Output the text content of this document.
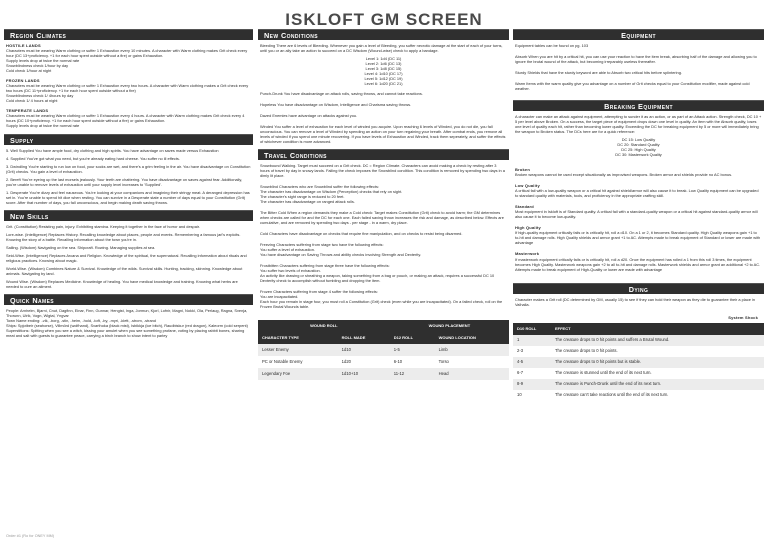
ISKLOFT GM SCREEN
Region Climates
HOSTILE LANDS
Characters must be wearing Warm clothing or suffer 1 Exhaustion every 10 minutes. A character with Warm clothing makes Grit check every hour (DC 13+proficiency. +1 for each hour spent outside without a fire) or gains Exhaustion.
Supply levels drop at twice the normal rate
Snowblindness check 1/hour by day
Cold check 1/hour at night
FROZEN LANDS
Characters must be wearing Warm clothing or suffer 1 Exhaustion every two hours. A character with Warm clothing makes a Grit check every two hours (DC 11+proficiency. +1 for each hour spent outside without a fire)
Snowblindness check 1/ 4hours by day
Cold check 1/ 4 hours at night
TEMPERATE LANDS
Characters must be wearing Warm clothing or suffer 1 Exhaustion every 4 hours. A character with Warm clothing makes Grit check every 4 hours (DC 10+proficiency. +1 for each hour spent outside without a fire) or gains Exhaustion.
Supply levels drop at twice the normal rate
Supply

5. Well Supplied You have ample food, dry clothing and high spirits. You have advantage on saves made versus Exhaustion

4. Supplied You've got what you need, but you're already eating hard cheese. You suffer no ill effects.

3. Dwindling You're starting to run low on food, your socks are wet, and there's a grim feeling in the air. You have disadvantage on Constitution (Grit) checks. You gain a level of exhaustion.

2. Bereft You're eyeing up the last morsels jealously. Your teeth are chattering. You have disadvantage on saves against fear. Additionally, you're unable to remove levels of exhaustion until your supply level increases to 'Supplied'.

1. Desperate You're dizzy and feel nauseous. You're looking at your companions and imagining their stringy meat. A deranged depression has set in. You're unable to spend hit dice when resting. You can survive in a Desperate state a number of days equal to your Constitution (Grit) score. After that number of days, you fall unconscious, and begin making death saving throws.

New Skills

Grit. (Constitution) Resisting pain, injury. Exhibiting stamina. Keeping it together in the face of horror and despair.

Lore-wise. (Intelligence) Replaces History. Recalling knowledge about places, people and events. Remembering a famous jarl's exploits. Knowing the story of a battle. Recalling information about the town you're in.

Sailing. (Wisdom) Navigating on the sea. Shipcraft. Rowing. Managing supplies at sea.

Seid-Wise. (Intelligence) Replaces Arcana and Religion. Knowledge of the spiritual, the supernatural. Recalling information about rituals and religious practices. Knowing about magic.

World-Wise. (Wisdom) Combines Nature & Survival. Knowledge of the wilds. Survival skills. Hunting, tracking, skinning. Knowledge about animals. Navigating by land.

Wound Wise. (Wisdom) Replaces Medicine. Knowledge of healing. You have medical knowledge and training. Knowing what herbs are needed to cure an ailment.

Quick Names
People: Arnhelm, Bjarni, Cnut, Dagfinn, Einar, Finn, Gunnar, Hengist, Inga, Jormun, Kjorl, Lofnir, Magni, Nokki, Ola, Perlaug, Ragna, Svenja, Thorunn, Ulrik, Vogn, Wigtal, Yngvar
Town Name ending: -vik, -borg, -stin, -heim, -hold, -toft, -by, -myri, -klett, -strom, -strand
Ships: Spjotbeir (seahorse), Villmörd (wolfhand), Svarthoka (black mist), Isbikkja (ice bitch), Raudbiskur (red dragon), Kaleorm (cold serpent)
Superstitions: Spitting when you see a witch, kissing your amulet when you see something profane, voting by placing rabbit bones, sharing meat and salt with guests to guarantee peace, carrying a birch branch to show intent to parley
New Conditions

Bleeding There are 6 levels of Bleeding. Whenever you gain a level of Bleeding, you suffer necrotic damage at the start of each of your turns, until you or an ally take an action to succeed on a DC Wisdom (Wound-wise) check to apply a bandage.

Level 1: 1d4 (DC 11)
Level 2: 1d6 (DC 13)
Level 3: 1d8 (DC 15)
Level 4: 1d10 (DC 17)
Level 5: 1d12 (DC 19)
Level 6: 1d20 (DC 21)

Punch-Drunk You have disadvantage on attack rolls, saving throws, and cannot take reactions.

Hopeless You have disadvantage on Wisdom, Intelligence and Charisma saving throws.

Dazed Enemies have advantage on attacks against you.

Winded You suffer a level of exhaustion for each level of winded you acquire. Upon reaching 6 levels of Winded, you do not die, you fall unconscious. You can remove a level of Winded by spending an action on your turn regaining your breath. After combat ends, you remove all levels of winded if you spend one minute recovering. If you have levels of Exhaustion and Winded, track them seperately, and suffer the effects of whichever condition is more advanced.

Travel Conditions

Snowbound Walking. Target must succeed on a Grit check. DC = Region Climate. Characters can avoid making a check by resting after 3 hours of travel by day in snowy lands. Failing the check imposes the Snowblind condition. This condition is removed by spending two days in a dimly lit place.

Snowblind Characters who are Snowblind suffer the following effects:
The character has disadvantage on Wisdom (Perception) checks that rely on sight.
The character's sight range is reduced to 20 feet.

The character has disadvantage on ranged attack rolls.

The Bitter Cold When a region demands they make a Cold check: Target makes Constitution (Grit) check to avoid harm; the GM determines when checks are called for and the DC for each one. Each failed saving throw increases the risk and damage, as described below. Effects are cumulative, and are removed by spending two days - per stage - in a warm, dry place.

Cold Characters have disadvantage on checks that require fine manipulation, and on checks to resist being disarmed.

Freezing Characters suffering from stage two have the following effects:
You suffer a level of exhaustion.

You have disadvantage on Saving Throws and ability checks involving Strength and Dexterity.

Frostbitten Characters suffering from stage three have the following effects:
You suffer two levels of exhaustion.

An activity like drawing or sheathing a weapon, taking something from a bag or pouch, or making an attack, requires a successful DC 10 Dexterity check to accomplish without fumbling and dropping the item.

Frozen Characters suffering from stage 4 suffer the following effects:
You are incapacitated.

Each hour you remain in stage four, you must roll a Constitution (Grit) check (even while you are incapacitated). On a failed check, roll on the Frozen Brutal Wounds table.

WOUND ROLL		WOUND PLACEMENT	
CHARACTER TYPE	ROLL MADE	D12 ROLL	WOUND LOCATION
Lesser Enemy	1d10	1-5	Limb
PC or Notable Enemy	1d20	6-10	Torso
Legendary Foe	1d10+10	11-12	Head
Equipment

Equipment tables can be found on pg. 103

Absorb When you are hit by a critical hit, you can use your reaction to have the item break, absorbing half of the damage and allowing you to ignore the brutal wound of the attack, but becoming irreparably useless thereafter.

Sturdy Shields that have the sturdy keyword are able to Absorb two critical hits before splintering.

Warm Items with the warm quality give you advantage on a number of Grit checks equal to your Constitution modifier, made against cold weather.

Breaking Equipment

A character can make an attack against equipment, attempting to sunder it as an action, or as part of an Attack action. Strength check, DC 10 + 5 per level above Broken. On a success, the target piece of equipment drops down one level in quality. An item with the Absorb quality, loses one level of quality each hit, rather than becoming lower quality. Exceeding the DC for breaking equipment by 5 or more will immediately bring the weapon to Broken status. The DCs here are for a quick reference:

DC 15: Low Quality
DC 20: Standard Quality
DC 25: High Quality
DC 30: Masterwork Quality
Broken

Broken weapons cannot be used except situationally as improvised weapons. Broken armor and shields provide no AC bonus.

Low Quality

A critical fail with a low-quality weapon or a critical hit against shield/armor will also cause it to break. Low Quality equipment can be upgraded to standard quality with materials, tools, and proficiency in the appropriate crafting skill.

Standard

Most equipment in Iskloft is of Standard quality. A critical fail with a standard-quality weapon or a critical hit against standard-quality armor will also cause it to become low-quality.

High Quality

If high-quality equipment critically fails or is critically hit, roll a d10. On a 1 or 2, it becomes Standard quality. High Quality weapons gain +1 to to-hit and damage rolls. High Quality shields and armor grant +1 to AC. Attempts made to break equipment of Standard or lower are made with advantage

Masterwork

If masterwork equipment critically fails or is critically hit, roll a d20. Once the equipment has rolled a 1 from this roll 3 times, the equipment becomes High Quality. Masterwork weapons gain +2 to all to-hit and damage rolls. Masterwork shields and armor grant an additional +2 to AC. Attempts made to break equipment of High-Quality or lower are made with advantage

Dying

Character makes a Grit roll (DC determined by GM, usually 15) to see if they can hold their weapon as they die to guarantee their a place in Valhalla.

System Shock
D10 ROLL	EFFECT
1	The creature drops to 0 hit points and suffers a Brutal Wound.
2-3	The creature drops to 0 hit points.
4-5	The creature drops to 0 hit points but is stable.
6-7	The creature is stunned until the end of its next turn.
8-9	The creature is Punch-Drunk until the end of its next turn.
10	The creature can't take reactions until the end of its next turn.
Order #1 (Ro for ONEY MM)
